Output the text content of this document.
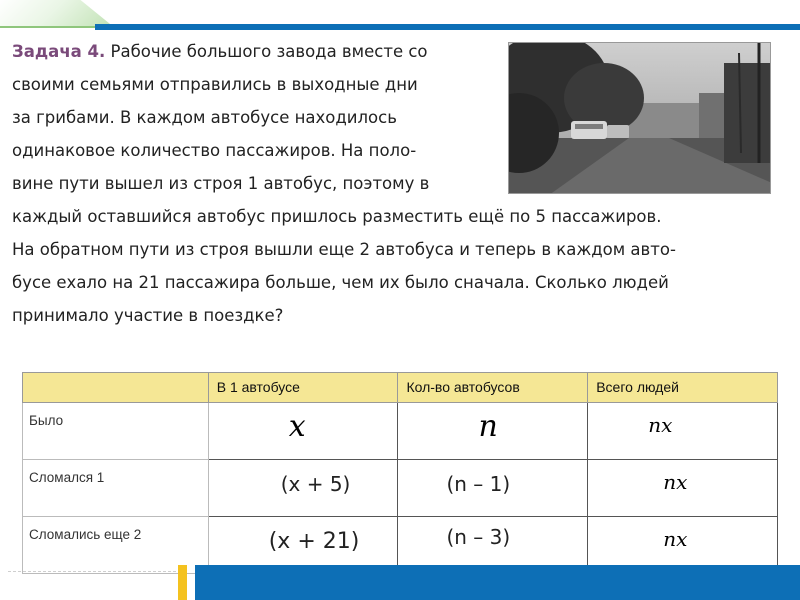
Задача 4. Рабочие большого завода вместе со
своими семьями отправились в выходные дни
за грибами. В каждом автобусе находилось
одинаковое количество пассажиров. На поло-
вине пути вышел из строя 1 автобус, поэтому в
каждый оставшийся автобус пришлось разместить ещё по 5 пассажиров.
На обратном пути из строя вышли еще 2 автобуса и теперь в каждом авто-
бусе ехало на 21 пассажира больше, чем их было сначала. Сколько людей
принимало участие в поездке?
	В 1 автобусе	Кол-во автобусов	Всего людей
Было	x	n	nx

Сломался 1	(x + 5)	(n – 1)	nx

Сломались еще 2	(x + 21)	(n – 3)	nx
